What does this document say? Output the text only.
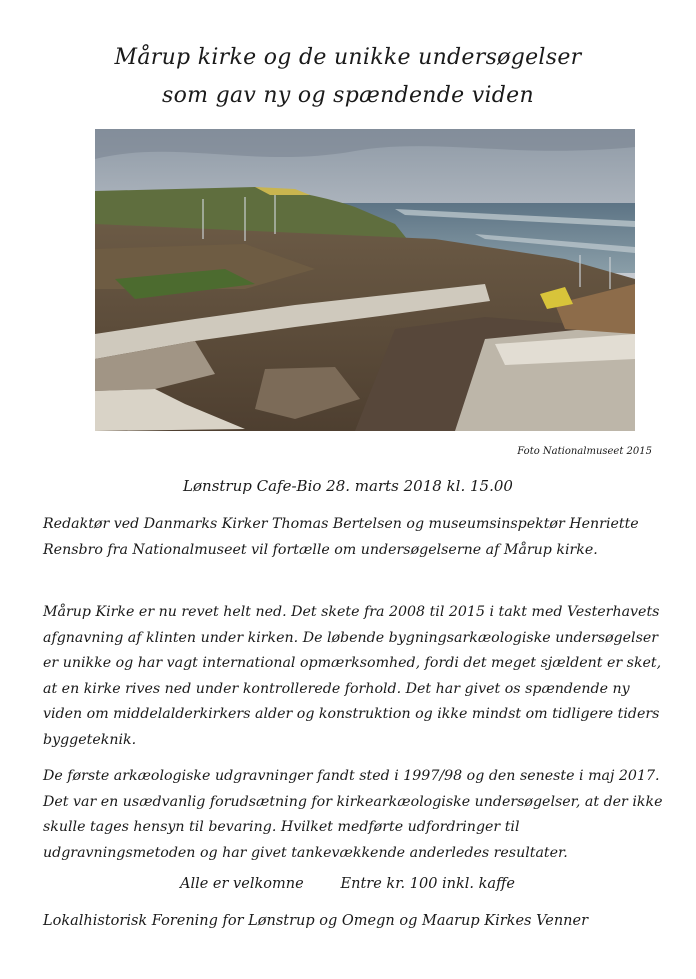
Mårup kirke og de unikke undersøgelser
som gav ny og spændende viden
Foto Nationalmuseet 2015
Lønstrup Cafe-Bio 28. marts 2018 kl. 15.00
Redaktør ved Danmarks Kirker Thomas Bertelsen og museumsinspektør Henriette Rensbro fra Nationalmuseet vil fortælle om undersøgelserne af Mårup kirke.
Mårup Kirke er nu revet helt ned. Det skete fra 2008 til 2015 i takt med Vesterhavets afgnavning af klinten under kirken. De løbende bygningsarkæologiske undersøgelser er unikke og har vagt international opmærksomhed, fordi det meget sjældent er sket, at en kirke rives ned under kontrollerede forhold. Det har givet os spændende ny viden om middelalderkirkers alder og konstruktion og ikke mindst om tidligere tiders byggeteknik.
De første arkæologiske udgravninger fandt sted i 1997/98 og den seneste i maj 2017. Det var en usædvanlig forudsætning for kirkearkæologiske undersøgelser, at der ikke skulle tages hensyn til bevaring. Hvilket medførte udfordringer til udgravningsmetoden og har givet tankevækkende anderledes resultater.
Alle er velkomne	Entre kr. 100 inkl. kaffe
Lokalhistorisk Forening for Lønstrup og Omegn og Maarup Kirkes Venner
